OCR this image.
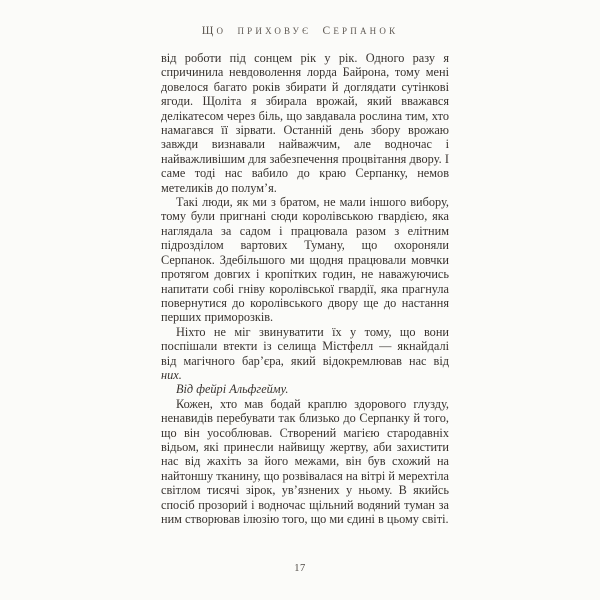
ЩО ПРИХОВУЄ СЕРПАНОК

від роботи під сонцем рік у рік. Одного разу я спричинила невдоволення лорда Байрона, тому мені довелося багато років збирати й доглядати сутінкові ягоди. Щоліта я збирала врожай, який вважався делікатесом через біль, що завдавала рослина тим, хто намагався її зірвати. Останній день збору врожаю завжди визнавали найважчим, але водночас і найважливішим для забезпечення процвітання двору. І саме тоді нас вабило до краю Серпанку, немов метеликів до полум’я.

Такі люди, як ми з братом, не мали іншого вибору, тому були пригнані сюди королівською гвардією, яка наглядала за садом і працювала разом з елітним підрозділом вартових Туману, що охороняли Серпанок. Здебільшого ми щодня працювали мовчки протягом довгих і кропітких годин, не наважуючись напитати собі гніву королівської гвардії, яка прагнула повернутися до королівського двору ще до настання перших приморозків.

Ніхто не міг звинуватити їх у тому, що вони поспішали втекти із селища Містфелл — якнайдалі від магічного бар’єра, який відокремлював нас від них.

Від фейрі Альфгейму.

Кожен, хто мав бодай краплю здорового глузду, ненавидів перебувати так близько до Серпанку й того, що він уособлював. Створений магією стародавніх відьом, які принесли найвищу жертву, аби захистити нас від жахіть за його межами, він був схожий на найтоншу тканину, що розвівалася на вітрі й мерехтіла світлом тисячі зірок, ув’язнених у ньому. В якийсь спосіб прозорий і водночас щільний водяний туман за ним створював ілюзію того, що ми єдині в цьому світі.

17
